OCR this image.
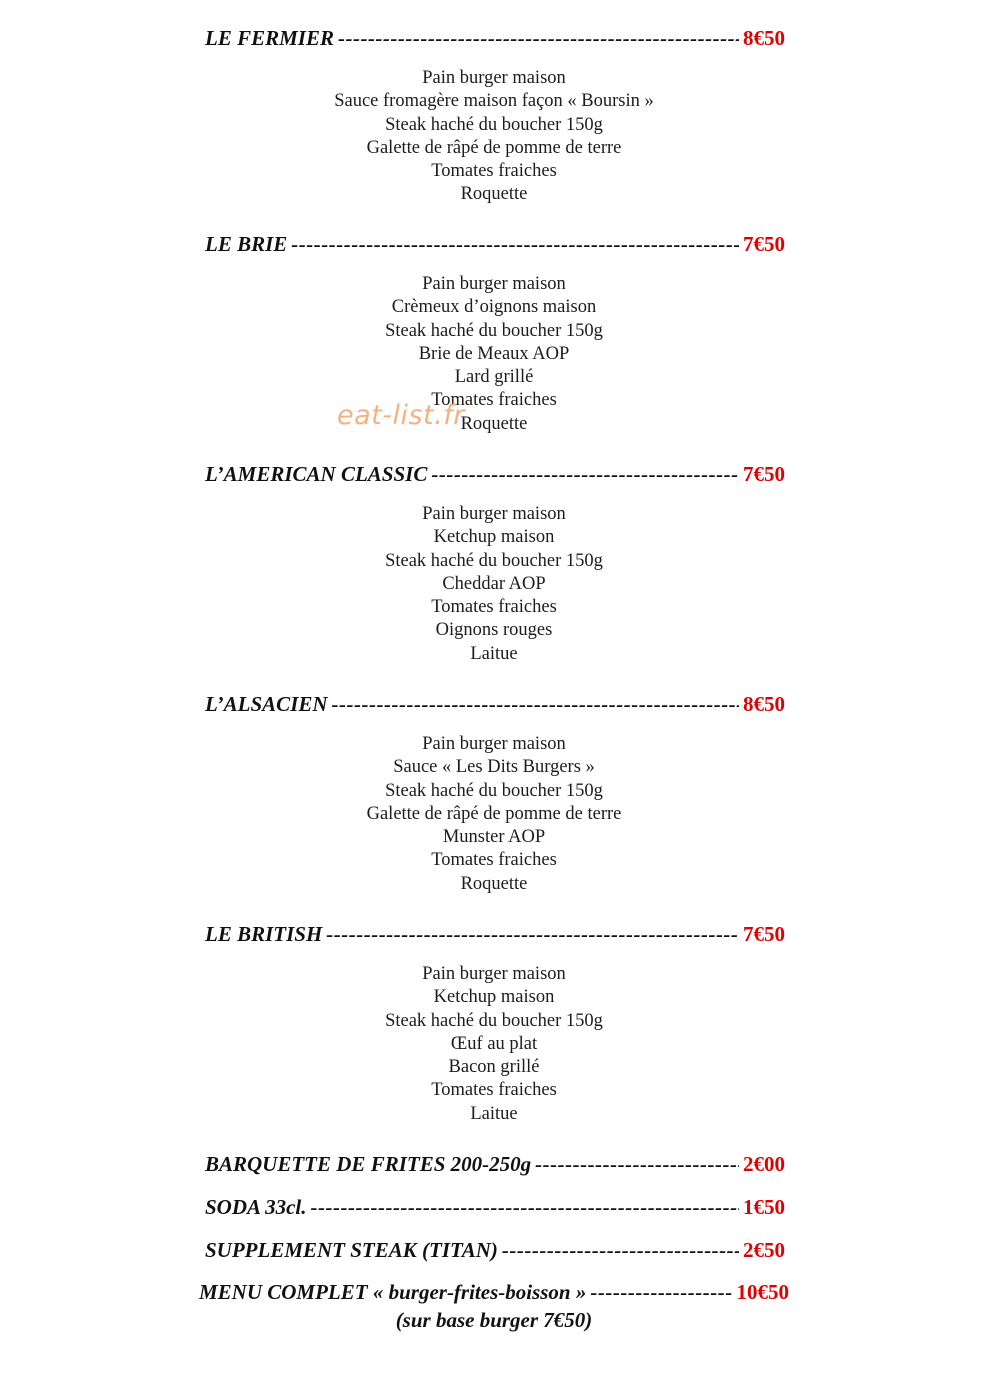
LE FERMIER -----	8€50
Pain burger maison
Sauce fromagère maison façon « Boursin »
Steak haché du boucher 150g
Galette de râpé de pomme de terre
Tomates fraiches
Roquette
LE BRIE -----	7€50
Pain burger maison
Crèmeux d’oignons maison
Steak haché du boucher 150g
Brie de Meaux AOP
Lard grillé
Tomates fraiches
Roquette
L’AMERICAN CLASSIC -----	7€50
Pain burger maison
Ketchup maison
Steak haché du boucher 150g
Cheddar AOP
Tomates fraiches
Oignons rouges
Laitue
L’ALSACIEN -----	8€50
Pain burger maison
Sauce « Les Dits Burgers »
Steak haché du boucher 150g
Galette de râpé de pomme de terre
Munster AOP
Tomates fraiches
Roquette
LE BRITISH -----	7€50
Pain burger maison
Ketchup maison
Steak haché du boucher 150g
Œuf au plat
Bacon grillé
Tomates fraiches
Laitue
BARQUETTE DE FRITES 200-250g -----	2€00
SODA 33cl. -----	1€50
SUPPLEMENT STEAK (TITAN) -----	2€50
MENU COMPLET « burger-frites-boisson » -----	10€50
(sur base burger 7€50)
eat-list.fr
